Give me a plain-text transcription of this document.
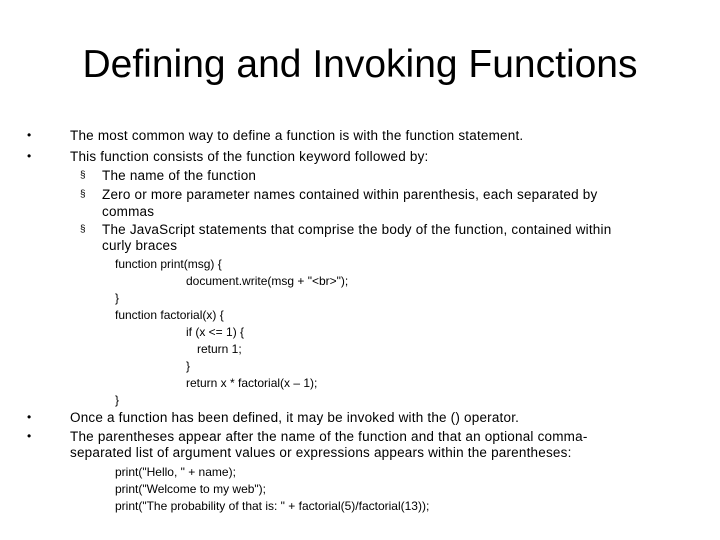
Defining and Invoking Functions
•	The most common way to define a function is with the function statement.
•	This function consists of the function keyword followed by:
§ The name of the function
§ Zero or more parameter names contained within parenthesis, each separated by
commas
§ The JavaScript statements that comprise the body of the function, contained within
curly braces
function print(msg) {
document.write(msg + "<br>");
}
function factorial(x) {
if (x <= 1) {
return 1;
}
return x * factorial(x – 1);
}
•	Once a function has been defined, it may be invoked with the () operator.
•	The parentheses appear after the name of the function and that an optional comma-
separated list of argument values or expressions appears within the parentheses:
print("Hello, " + name);
print("Welcome to my web");
print("The probability of that is: " + factorial(5)/factorial(13));
